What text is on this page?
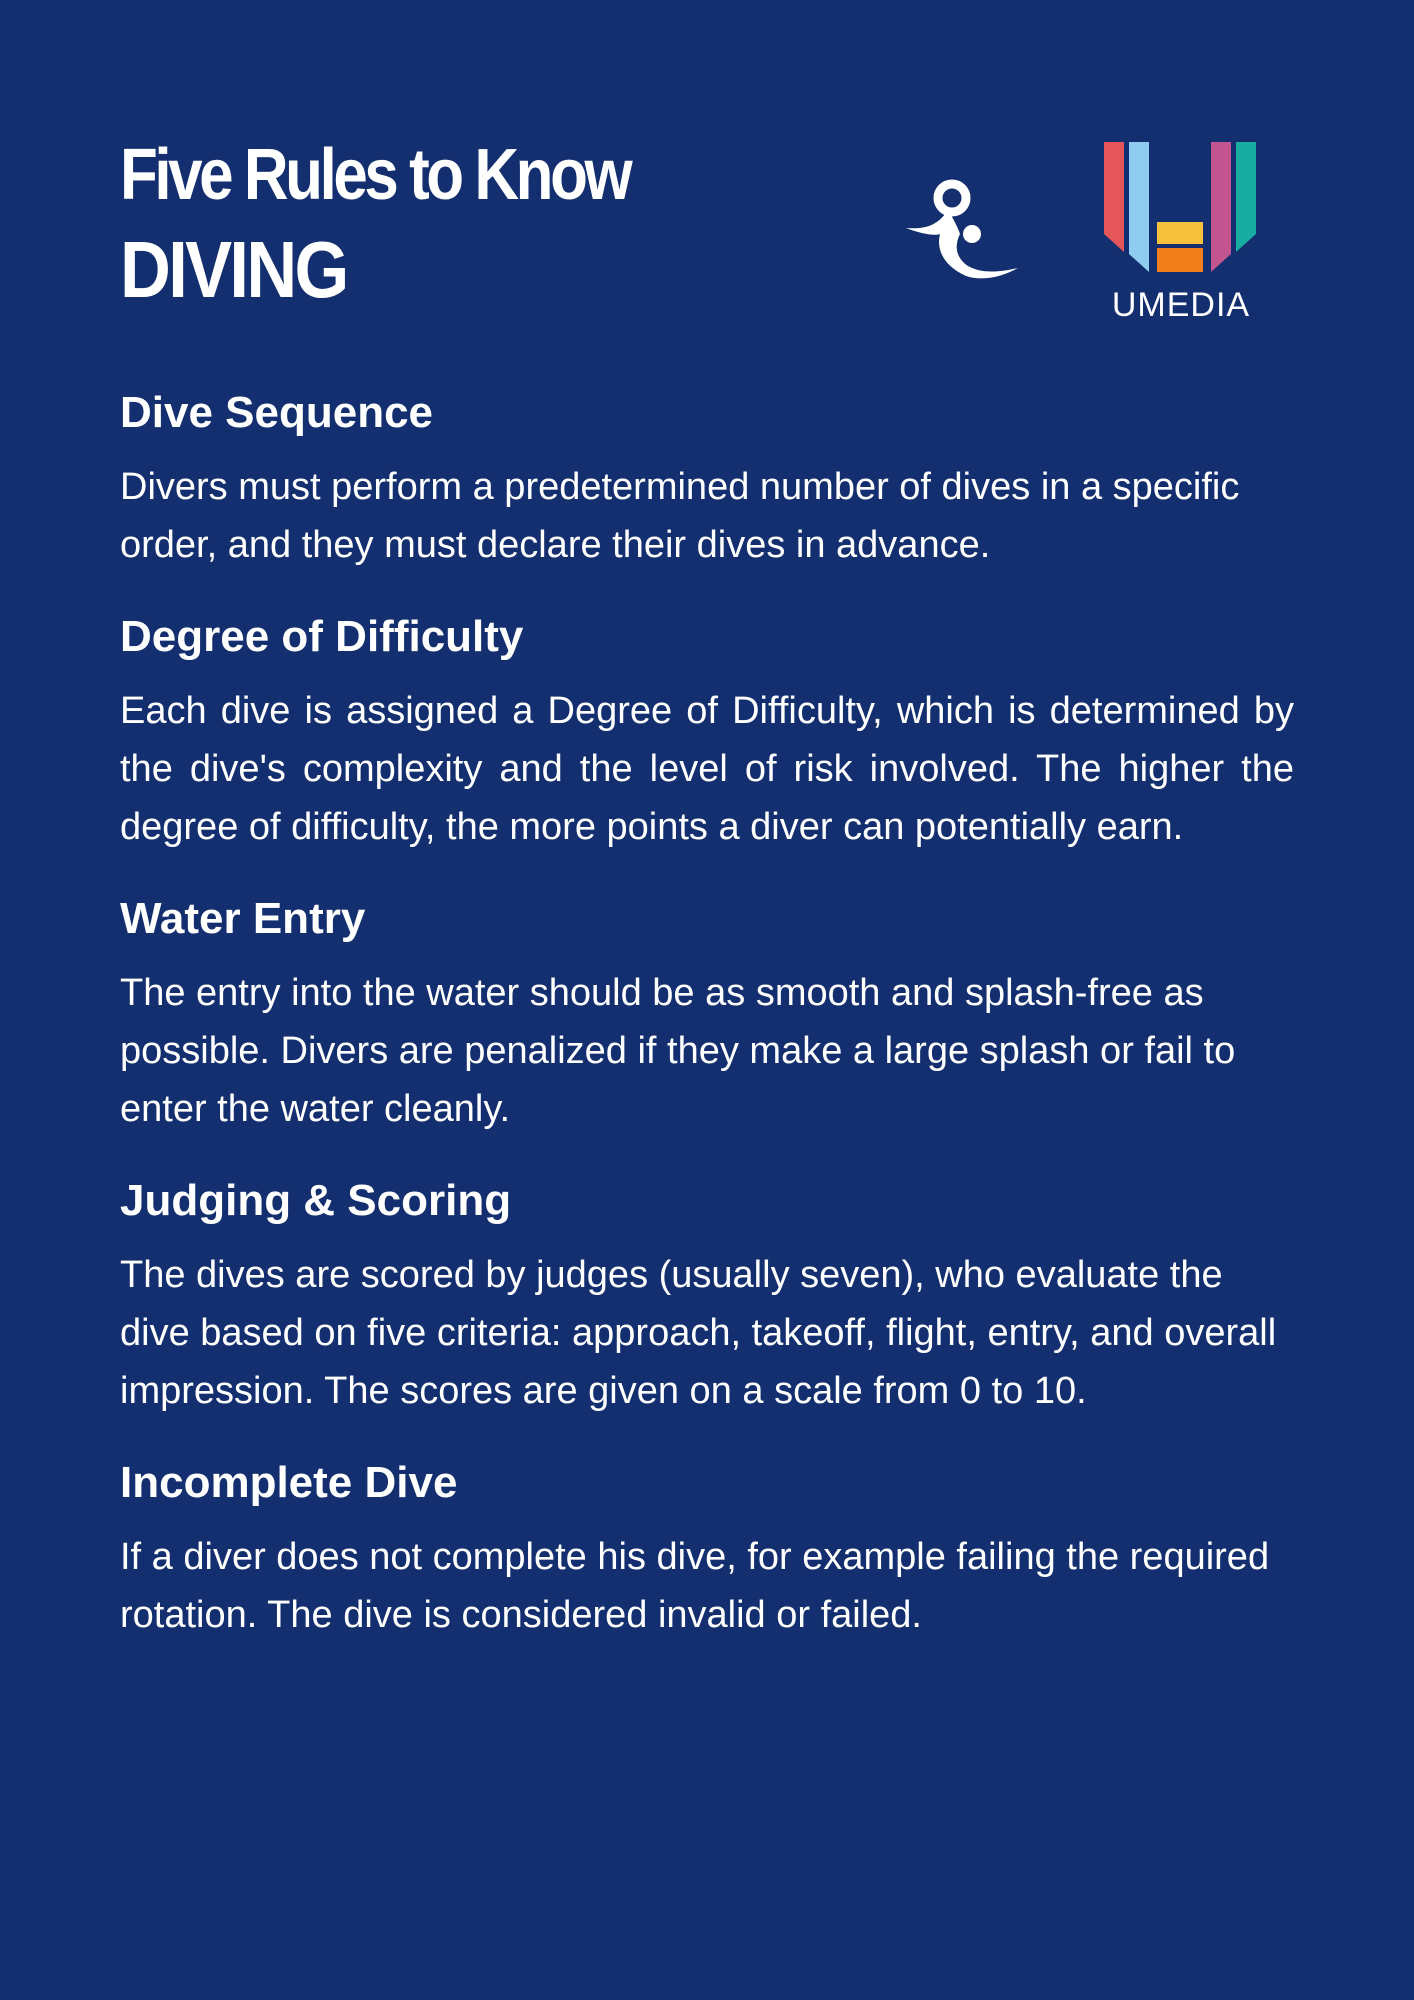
Five Rules to Know
DIVING	UMEDIA
Dive Sequence

Divers must perform a predetermined number of dives in a specific order, and they must declare their dives in advance.

Degree of Difficulty

Each dive is assigned a Degree of Difficulty, which is determined by the dive's complexity and the level of risk involved. The higher the degree of difficulty, the more points a diver can potentially earn.

Water Entry

The entry into the water should be as smooth and splash-free as possible. Divers are penalized if they make a large splash or fail to enter the water cleanly.

Judging & Scoring

The dives are scored by judges (usually seven), who evaluate the dive based on five criteria: approach, takeoff, flight, entry, and overall impression. The scores are given on a scale from 0 to 10.

Incomplete Dive

If a diver does not complete his dive, for example failing the required rotation. The dive is considered invalid or failed.
